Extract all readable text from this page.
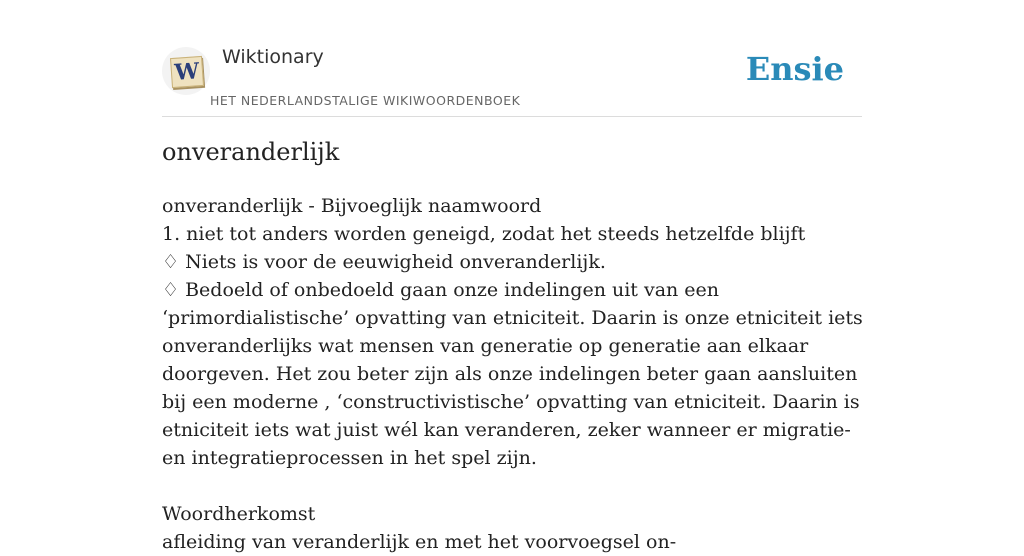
W
Wiktionary
HET NEDERLANDSTALIGE WIKIWOORDENBOEK
Ensie
onveranderlijk

onveranderlijk - Bijvoeglijk naamwoord

1. niet tot anders worden geneigd, zodat het steeds hetzelfde blijft

♢ Niets is voor de eeuwigheid onveranderlijk.

♢ Bedoeld of onbedoeld gaan onze indelingen uit van een ‘primordialistische’ opvatting van etniciteit. Daarin is onze etniciteit iets onveranderlijks wat mensen van generatie op generatie aan elkaar doorgeven. Het zou beter zijn als onze indelingen beter gaan aansluiten bij een moderne , ‘constructivistische’ opvatting van etniciteit. Daarin is etniciteit iets wat juist wél kan veranderen, zeker wanneer er migratie- en integratieprocessen in het spel zijn.

Woordherkomst

afleiding van veranderlijk en met het voorvoegsel on-
